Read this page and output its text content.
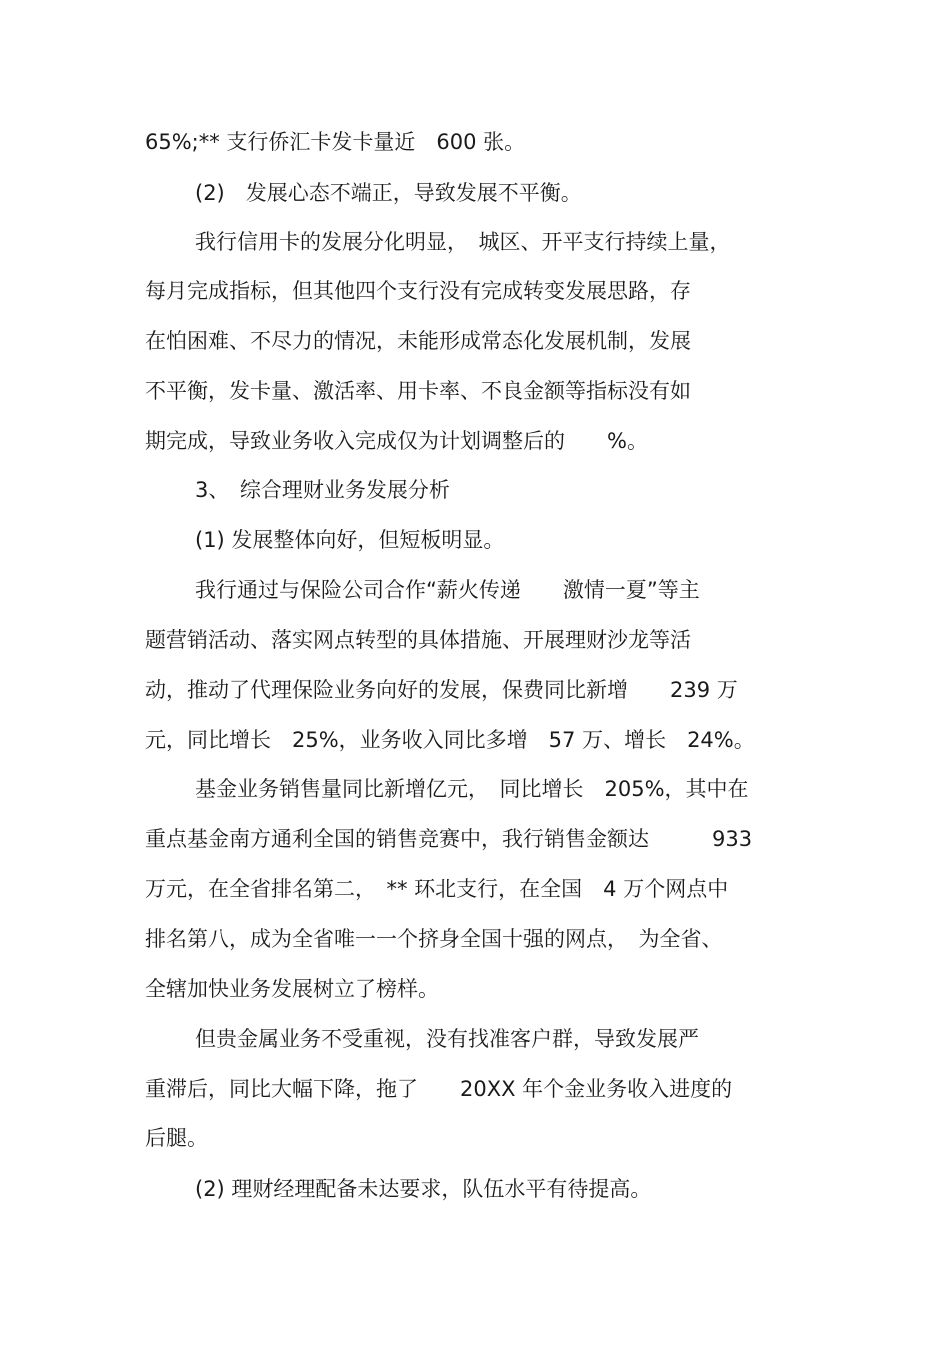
65%;** 支行侨汇卡发卡量近　600 张。

(2)　发展心态不端正，导致发展不平衡。

我行信用卡的发展分化明显，　城区、开平支行持续上量，

每月完成指标，但其他四个支行没有完成转变发展思路，存

在怕困难、不尽力的情况，未能形成常态化发展机制，发展

不平衡，发卡量、激活率、用卡率、不良金额等指标没有如

期完成，导致业务收入完成仅为计划调整后的　　%。

3、　综合理财业务发展分析

(1) 发展整体向好，但短板明显。

我行通过与保险公司合作“薪火传递　　激情一夏”等主

题营销活动、落实网点转型的具体措施、开展理财沙龙等活

动，推动了代理保险业务向好的发展，保费同比新增　　239 万

元，同比增长　25%，业务收入同比多增　57 万、增长　24%。

基金业务销售量同比新增亿元，　同比增长　205%，其中在

重点基金南方通利全国的销售竞赛中，我行销售金额达　　　933

万元，在全省排名第二，　** 环北支行，在全国　4 万个网点中

排名第八，成为全省唯一一个挤身全国十强的网点，　为全省、

全辖加快业务发展树立了榜样。

但贵金属业务不受重视，没有找准客户群，导致发展严

重滞后，同比大幅下降，拖了　　20XX 年个金业务收入进度的

后腿。

(2) 理财经理配备未达要求，队伍水平有待提高。
